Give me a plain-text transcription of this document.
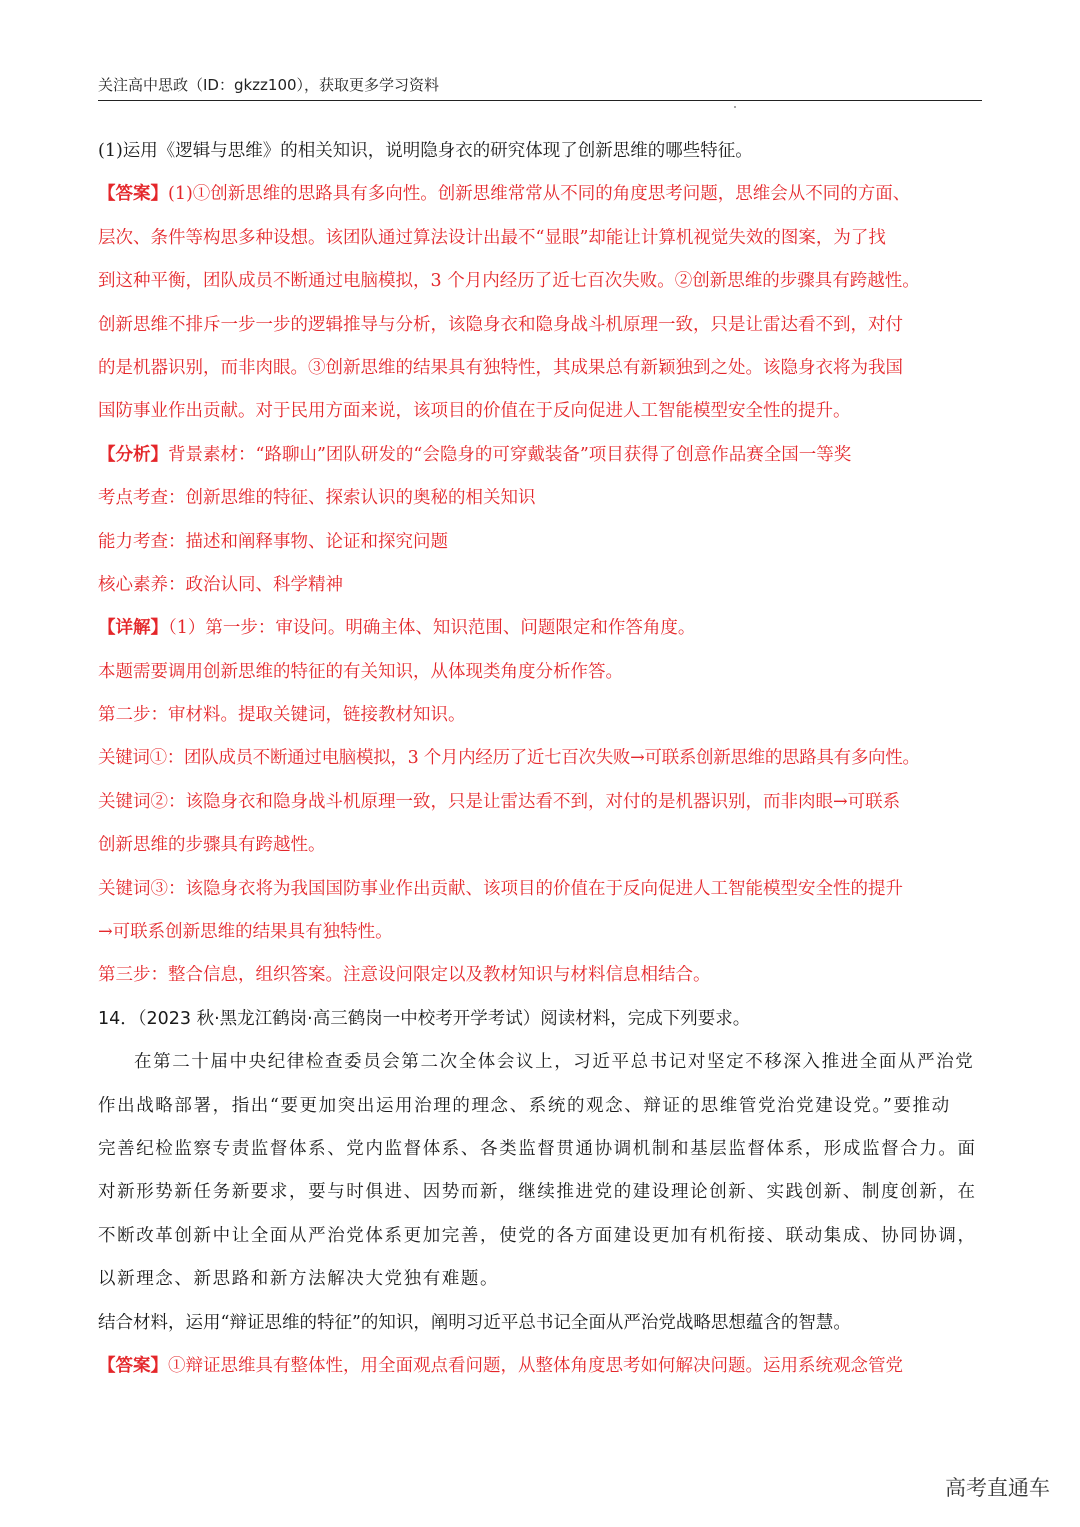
关注高中思政（ID：gkzz100），获取更多学习资料
(1)运用《逻辑与思维》的相关知识，说明隐身衣的研究体现了创新思维的哪些特征。
【答案】(1)①创新思维的思路具有多向性。创新思维常常从不同的角度思考问题，思维会从不同的方面、
层次、条件等构思多种设想。该团队通过算法设计出最不“显眼”却能让计算机视觉失效的图案，为了找
到这种平衡，团队成员不断通过电脑模拟，3 个月内经历了近七百次失败。②创新思维的步骤具有跨越性。
创新思维不排斥一步一步的逻辑推导与分析，该隐身衣和隐身战斗机原理一致，只是让雷达看不到，对付
的是机器识别，而非肉眼。③创新思维的结果具有独特性，其成果总有新颖独到之处。该隐身衣将为我国
国防事业作出贡献。对于民用方面来说，该项目的价值在于反向促进人工智能模型安全性的提升。
【分析】背景素材：“路聊山”团队研发的“会隐身的可穿戴装备”项目获得了创意作品赛全国一等奖
考点考查：创新思维的特征、探索认识的奥秘的相关知识
能力考查：描述和阐释事物、论证和探究问题
核心素养：政治认同、科学精神
【详解】（1）第一步：审设问。明确主体、知识范围、问题限定和作答角度。
本题需要调用创新思维的特征的有关知识，从体现类角度分析作答。
第二步：审材料。提取关键词，链接教材知识。
关键词①：团队成员不断通过电脑模拟，3 个月内经历了近七百次失败→可联系创新思维的思路具有多向性。
关键词②：该隐身衣和隐身战斗机原理一致，只是让雷达看不到，对付的是机器识别，而非肉眼→可联系
创新思维的步骤具有跨越性。
关键词③：该隐身衣将为我国国防事业作出贡献、该项目的价值在于反向促进人工智能模型安全性的提升
→可联系创新思维的结果具有独特性。
第三步：整合信息，组织答案。注意设问限定以及教材知识与材料信息相结合。
14．（2023 秋·黑龙江鹤岗·高三鹤岗一中校考开学考试）阅读材料，完成下列要求。
在第二十届中央纪律检查委员会第二次全体会议上，习近平总书记对坚定不移深入推进全面从严治党
作出战略部署，指出“要更加突出运用治理的理念、系统的观念、辩证的思维管党治党建设党。”要推动
完善纪检监察专责监督体系、党内监督体系、各类监督贯通协调机制和基层监督体系，形成监督合力。面
对新形势新任务新要求，要与时俱进、因势而新，继续推进党的建设理论创新、实践创新、制度创新，在
不断改革创新中让全面从严治党体系更加完善，使党的各方面建设更加有机衔接、联动集成、协同协调，
以新理念、新思路和新方法解决大党独有难题。
结合材料，运用“辩证思维的特征”的知识，阐明习近平总书记全面从严治党战略思想蕴含的智慧。
【答案】①辩证思维具有整体性，用全面观点看问题，从整体角度思考如何解决问题。运用系统观念管党
高考直通车
